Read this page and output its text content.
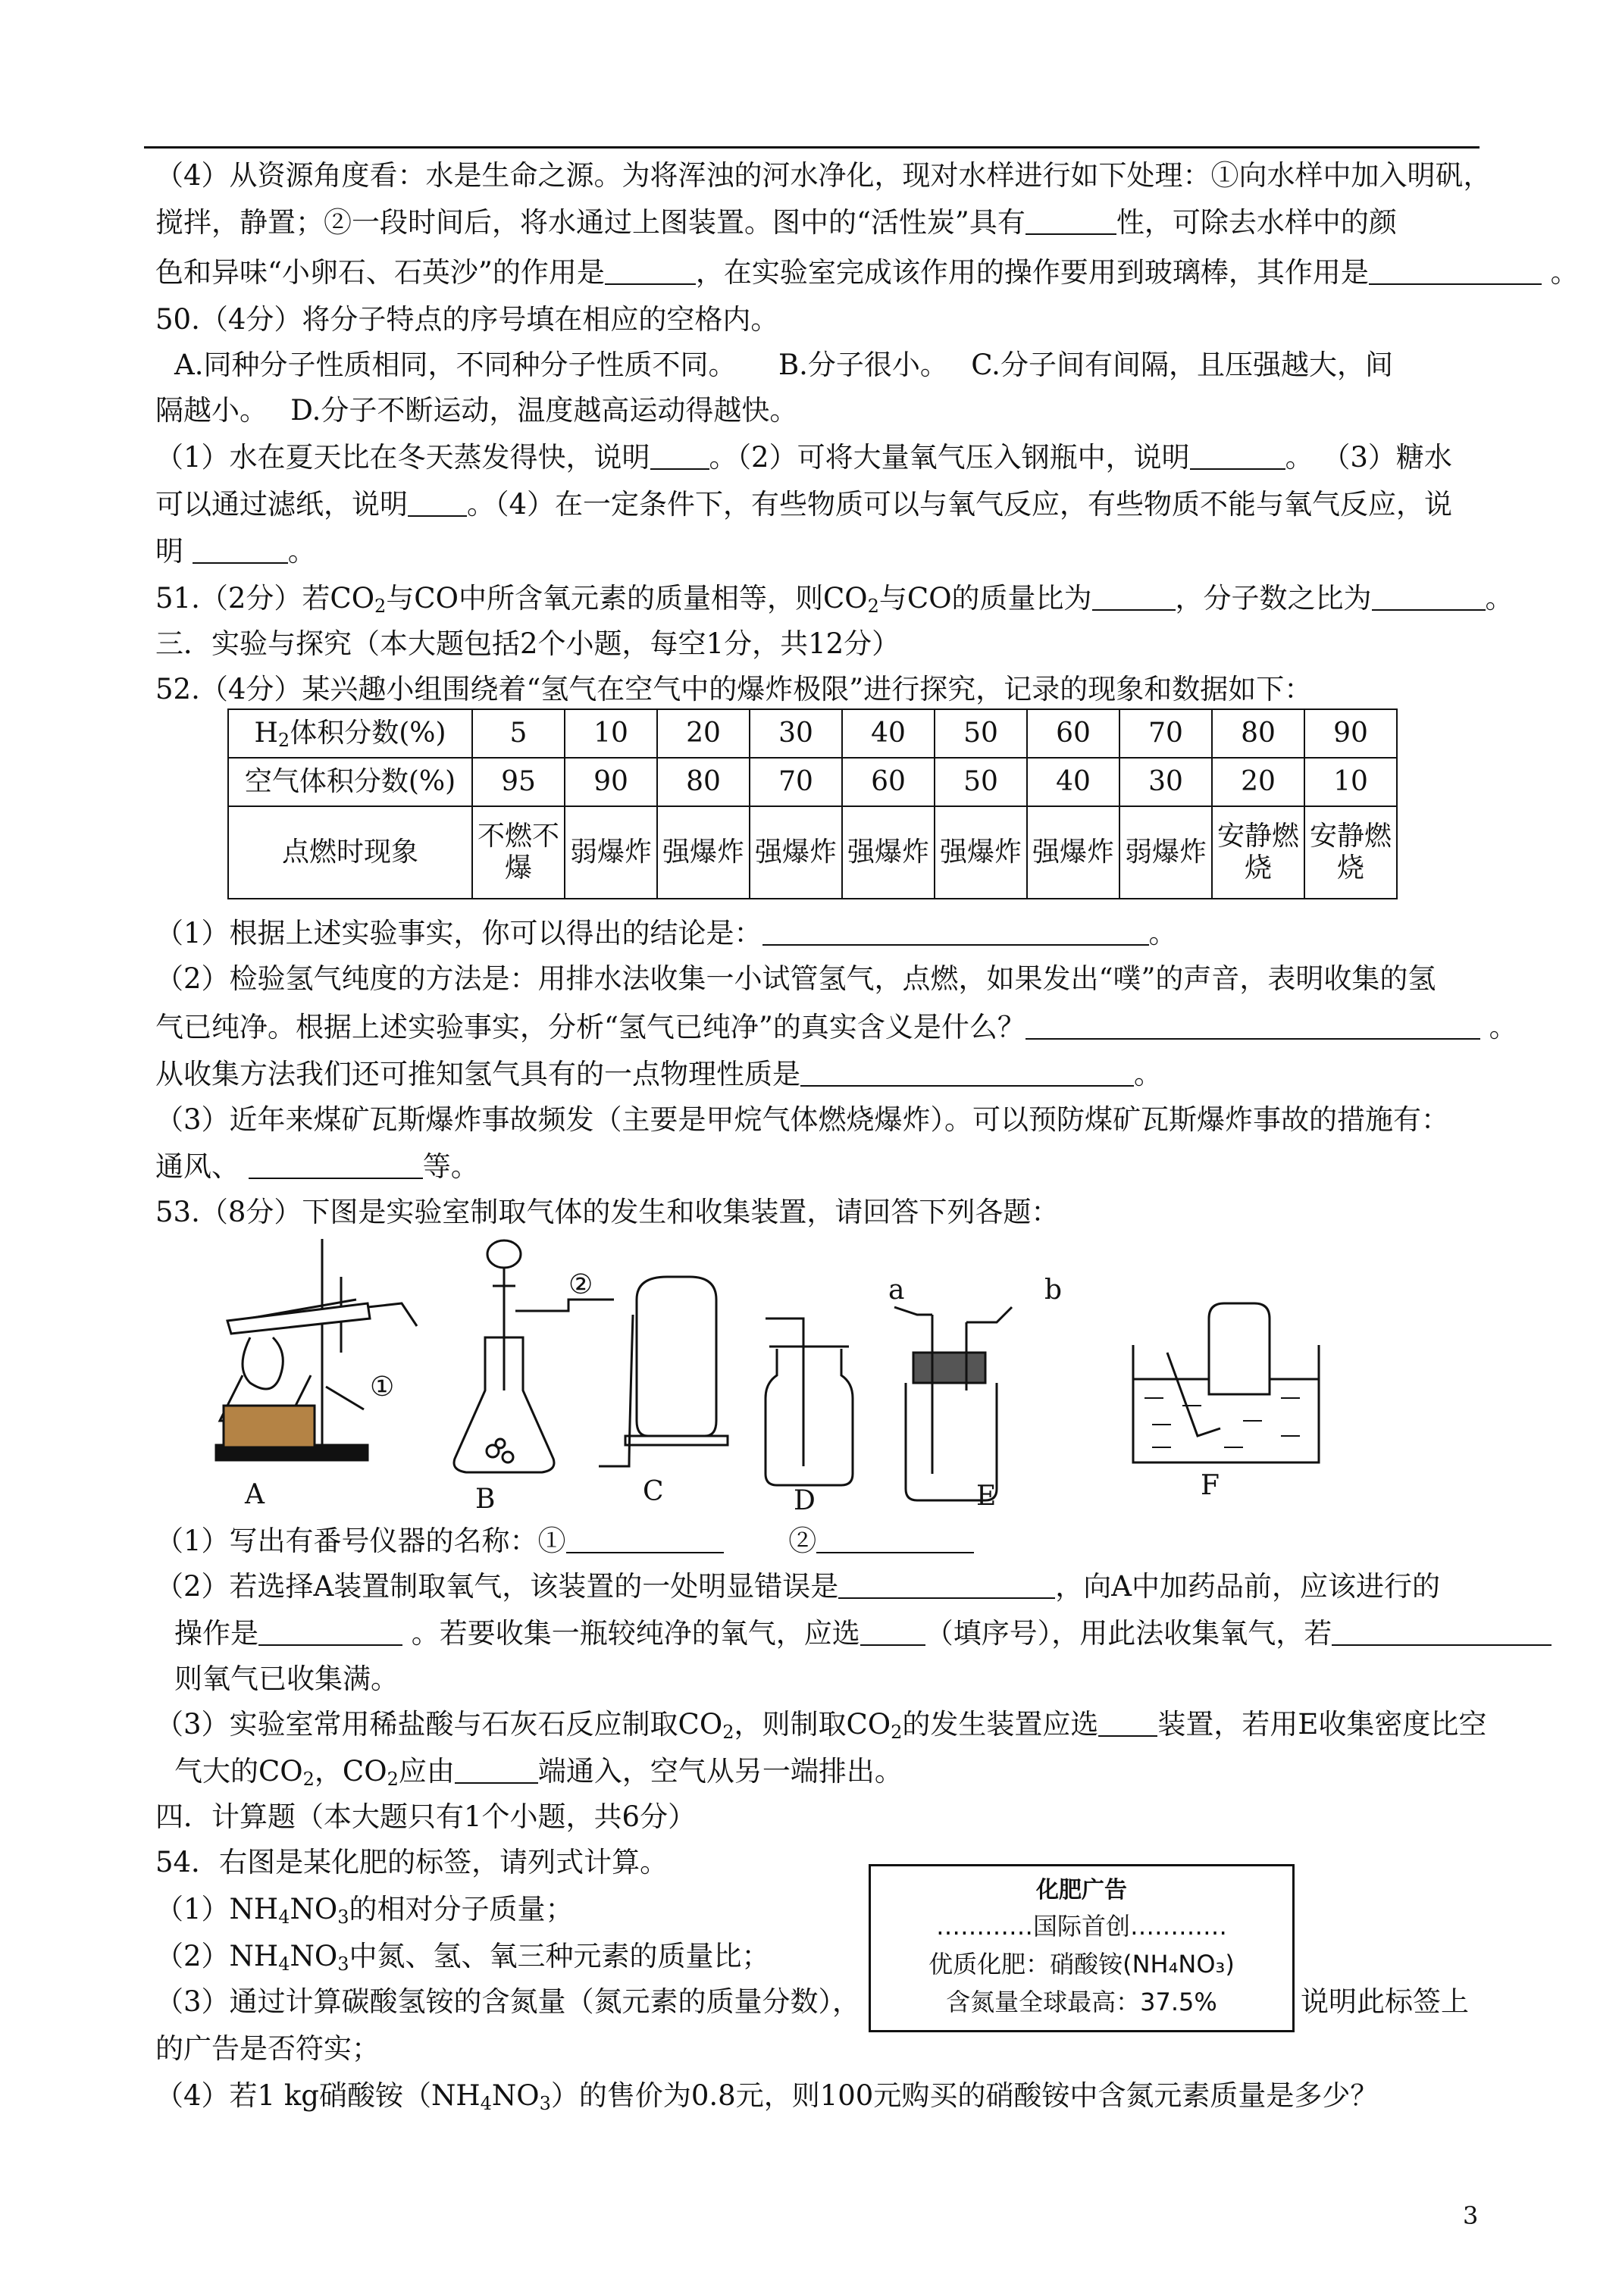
（4）从资源角度看：水是生命之源。为将浑浊的河水净化，现对水样进行如下处理：①向水样中加入明矾，
搅拌，静置；②一段时间后，将水通过上图装置。图中的“活性炭”具有	性，可除去水样中的颜
色和异味“小卵石、石英沙”的作用是	，在实验室完成该作用的操作要用到玻璃棒，其作用是	。
50.（4分）将分子特点的序号填在相应的空格内。
A.同种分子性质相同，不同种分子性质不同。　　B.分子很小。　 C.分子间有间隔，且压强越大，间
隔越小。　 D.分子不断运动，温度越高运动得越快。
（1）水在夏天比在冬天蒸发得快，说明 。（2）可将大量氧气压入钢瓶中，说明	。 （3）糖水
可以通过滤纸，说明 。（4）在一定条件下，有些物质可以与氧气反应，有些物质不能与氧气反应，说
明	。
51.（2分）若$CO_2$与CO中所含氧元素的质量相等，则$CO_2$与CO的质量比为	，分子数之比为	。
三．实验与探究（本大题包括2个小题，每空1分，共12分）
52.（4分）某兴趣小组围绕着“氢气在空气中的爆炸极限”进行探究，记录的现象和数据如下：
$H_2$体积分数(%)	5	10	20	30	40	50	60	70	80	90
空气体积分数(%)	95	90	80	70	60	50	40	30	20	10
点燃时现象	不燃不爆	弱爆炸	强爆炸	强爆炸	强爆炸	强爆炸	强爆炸	弱爆炸	安静燃烧	安静燃烧
（1）根据上述实验事实，你可以得出的结论是：	。
（2）检验氢气纯度的方法是：用排水法收集一小试管氢气，点燃，如果发出“噗”的声音，表明收集的氢
气已纯净。根据上述实验事实，分析“氢气已纯净”的真实含义是什么？	。
从收集方法我们还可推知氢气具有的一点物理性质是	。
（3）近年来煤矿瓦斯爆炸事故频发（主要是甲烷气体燃烧爆炸）。可以预防煤矿瓦斯爆炸事故的措施有：
通风、	等。
53.（8分）下图是实验室制取气体的发生和收集装置，请回答下列各题：
①
②	a	b
A	B	C	D	E	F
（1）写出有番号仪器的名称：①	　　 ②
（2）若选择A装置制取氧气，该装置的一处明显错误是	，向A中加药品前，应该进行的
操作是	。若要收集一瓶较纯净的氧气，应选 （填序号），用此法收集氧气，若
则氧气已收集满。
（3）实验室常用稀盐酸与石灰石反应制取$CO_2$，则制取$CO_2$的发生装置应选 装置，若用E收集密度比空
气大的$CO_2$，$CO_2$应由	端通入，空气从另一端排出。
四．计算题（本大题只有1个小题，共6分）
54．右图是某化肥的标签，请列式计算。
$(1)NH_4NO_3$的相对分子质量；
$(2)NH_4NO_3$中氮、氢、氧三种元素的质量比；
（3）通过计算碳酸氢铵的含氮量（氮元素的质量分数），	说明此标签上
的广告是否符实；
（4）若1 kg硝酸铵$(NH_4NO_3)$的售价为0.8元，则100元购买的硝酸铵中含氮元素质量是多少？
化肥广告
…………国际首创…………
优质化肥：硝酸铵(NH₄NO₃)
含氮量全球最高：37.5%
3
